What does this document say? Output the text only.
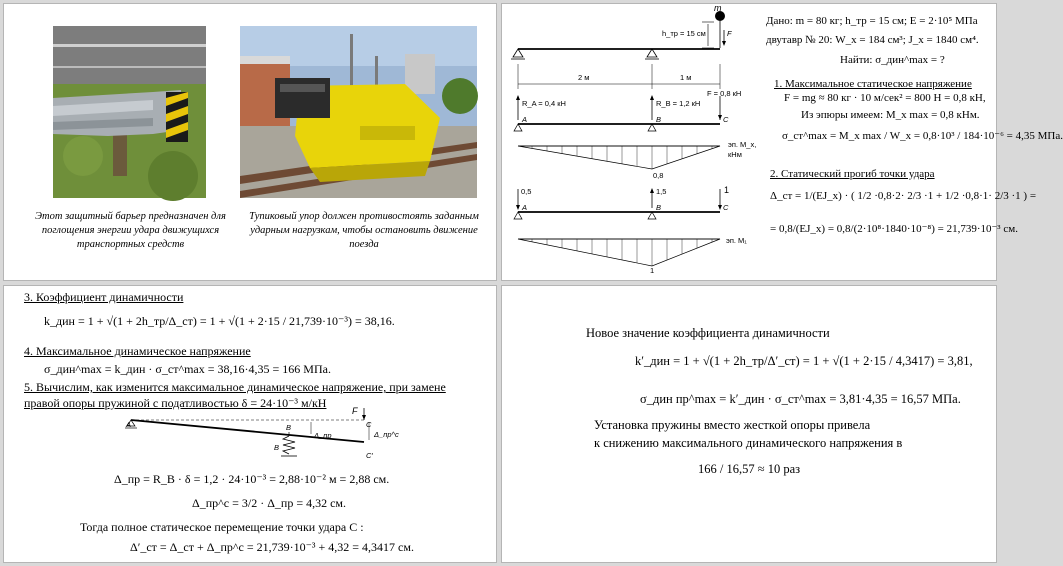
Этот защитный барьер предназначен для поглощения энергии удара движущихся транспортных средств
Тупиковый упор должен противостоять заданным ударным нагрузкам, чтобы остановить движение поезда
m
h_тр = 15 см	F
2 м	1 м
R_A = 0,4 кН	R_B = 1,2 кН
F = 0,8 кН
A	B	C
эп. M_x,
кНм
0,8
0,5	1,5	1
A	B	C
эп. M₁
1
Дано: m = 80 кг; h_тр = 15 см; E = 2·10⁵ МПа
двутавр № 20: W_x = 184 см³; J_x = 1840 см⁴.
Найти: σ_дин^max = ?
1. Максимальное статическое напряжение
F = mg ≈ 80 кг · 10 м/сек² = 800 Н = 0,8 кН,
Из эпюры имеем: M_x max = 0,8 кНм.
σ_ст^max = M_x max / W_x = 0,8·10³ / 184·10⁻⁶ = 4,35 МПа.
2. Статический прогиб точки удара
Δ_ст = 1/(EJ_x) · ( 1/2 ·0,8·2· 2/3 ·1 + 1/2 ·0,8·1· 2/3 ·1 ) =
= 0,8/(EJ_x) = 0,8/(2·10⁸·1840·10⁻⁸) = 21,739·10⁻³ см.
3. Коэффициент динамичности
k_дин = 1 + √(1 + 2h_тр/Δ_ст) = 1 + √(1 + 2·15 / 21,739·10⁻³) = 38,16.
4. Максимальное динамическое напряжение
σ_дин^max = k_дин · σ_ст^max = 38,16·4,35 = 166 МПа.
5. Вычислим, как изменится максимальное динамическое напряжение, при замене
правой опоры пружиной с податливостью δ = 24·10⁻³ м/кН
A	B
B
C
C′
F
Δ_пр	Δ_пр^c
Δ_пр = R_B · δ = 1,2 · 24·10⁻³ = 2,88·10⁻² м = 2,88 см.
Δ_пр^c = 3/2 · Δ_пр = 4,32 см.
Тогда полное статическое перемещение точки удара C :
Δ′_ст = Δ_ст + Δ_пр^c = 21,739·10⁻³ + 4,32 = 4,3417 см.
Новое значение коэффициента динамичности
k′_дин = 1 + √(1 + 2h_тр/Δ′_ст) = 1 + √(1 + 2·15 / 4,3417) = 3,81,
σ_дин пр^max = k′_дин · σ_ст^max = 3,81·4,35 = 16,57 МПа.
Установка пружины вместо жесткой опоры привела
к снижению максимального динамического напряжения в
166 / 16,57 ≈ 10 раз
